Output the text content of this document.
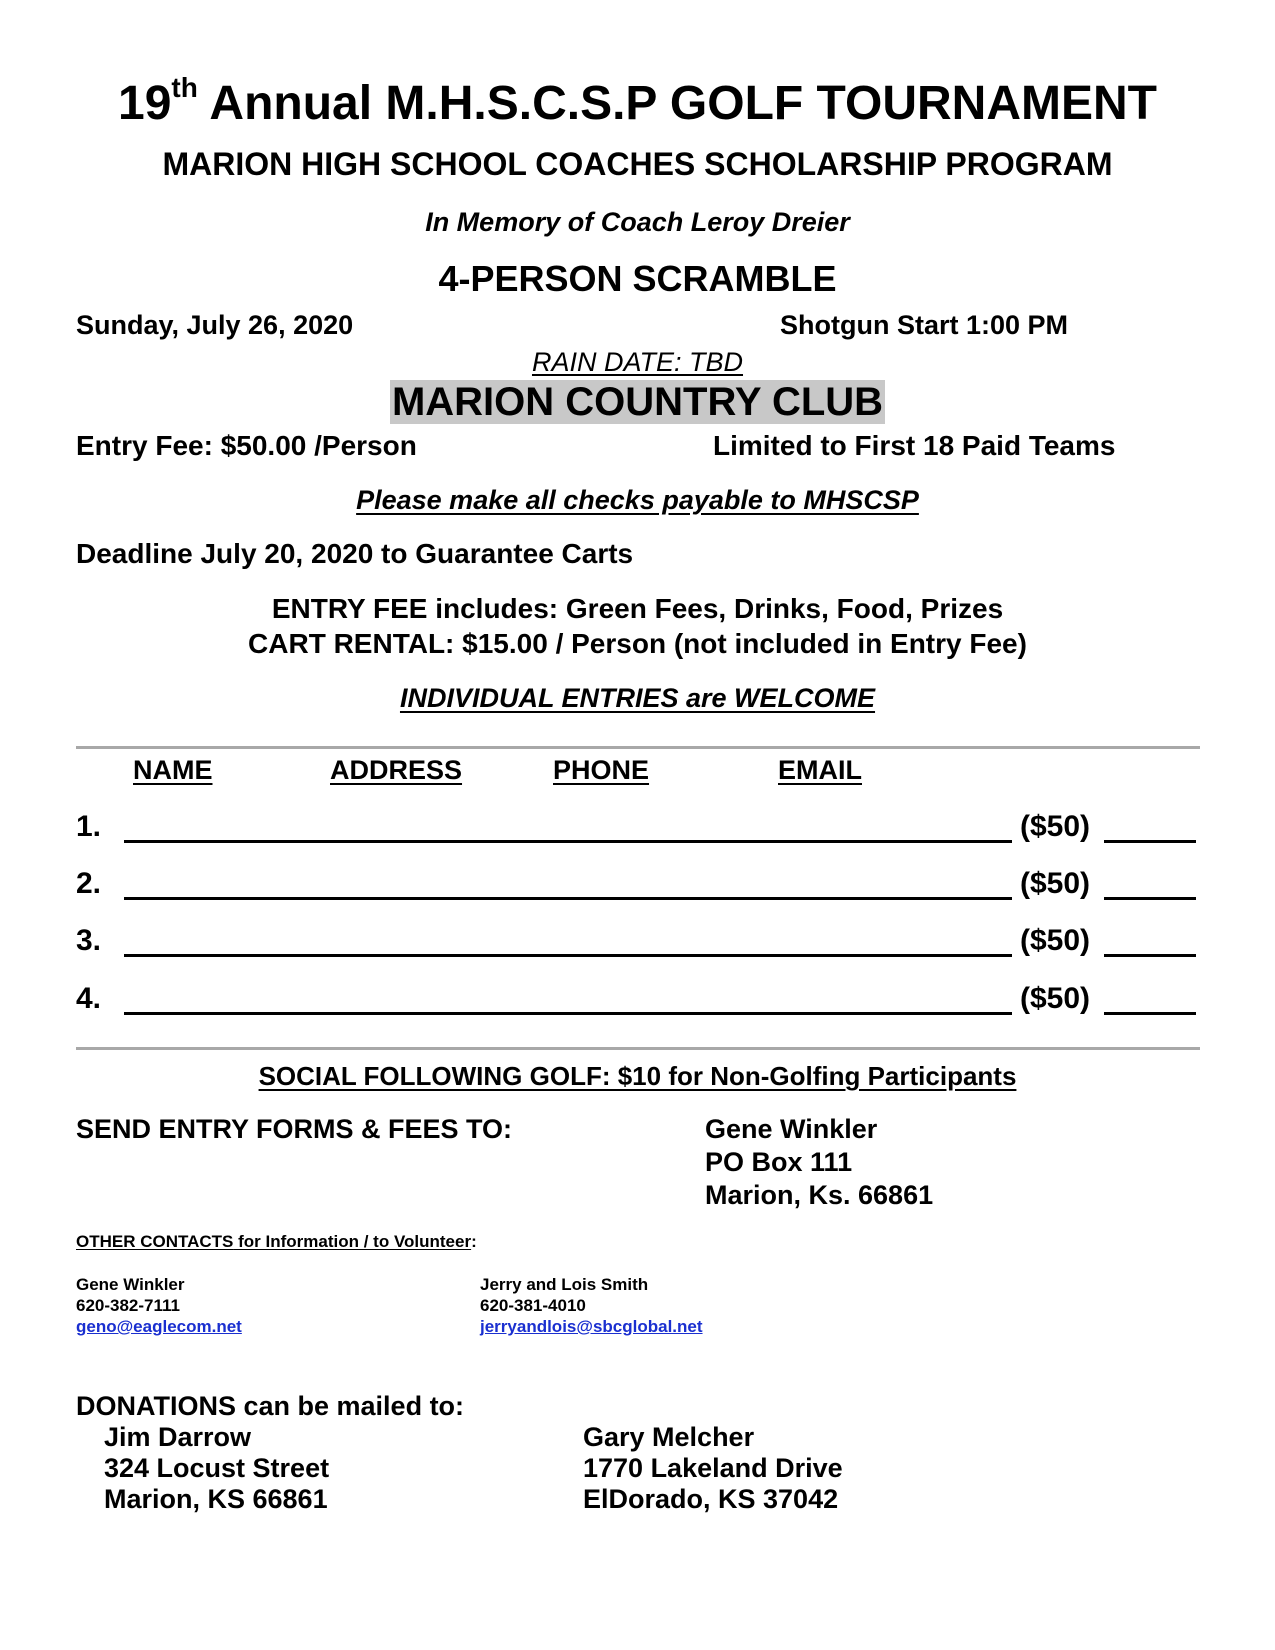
19th Annual M.H.S.C.S.P GOLF TOURNAMENT
MARION HIGH SCHOOL COACHES SCHOLARSHIP PROGRAM
In Memory of Coach Leroy Dreier
4-PERSON SCRAMBLE
Sunday, July 26, 2020	Shotgun Start 1:00 PM
RAIN DATE: TBD
MARION COUNTRY CLUB
Entry Fee: $50.00 /Person	Limited to First 18 Paid Teams
Please make all checks payable to MHSCSP
Deadline July 20, 2020 to Guarantee Carts
ENTRY FEE includes: Green Fees, Drinks, Food, Prizes
CART RENTAL: $15.00 / Person (not included in Entry Fee)
INDIVIDUAL ENTRIES are WELCOME
NAME	ADDRESS	PHONE	EMAIL
1.	($50)
2.	($50)
3.	($50)
4.	($50)
SOCIAL FOLLOWING GOLF: $10 for Non-Golfing Participants
SEND ENTRY FORMS & FEES TO:	Gene Winkler
PO Box 111
Marion, Ks. 66861
OTHER CONTACTS for Information / to Volunteer:
Gene Winkler
620-382-7111
geno@eaglecom.net
Jerry and Lois Smith
620-381-4010
jerryandlois@sbcglobal.net
DONATIONS can be mailed to:
Jim Darrow
324 Locust Street
Marion, KS 66861
Gary Melcher
1770 Lakeland Drive
ElDorado, KS 37042
